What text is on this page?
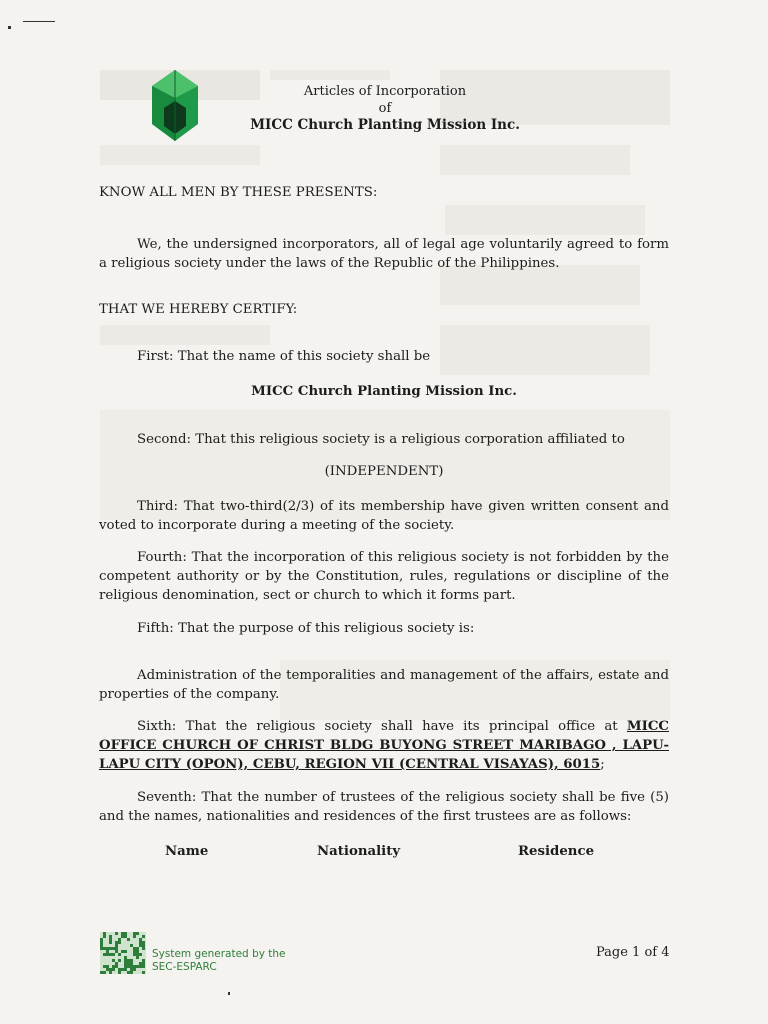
Articles of Incorporation
of
MICC Church Planting Mission Inc.
KNOW ALL MEN BY THESE PRESENTS:
We, the undersigned incorporators, all of legal age voluntarily agreed to form a religious society under the laws of the Republic of the Philippines.
THAT WE HEREBY CERTIFY:
First: That the name of this society shall be
MICC Church Planting Mission Inc.
Second: That this religious society is a religious corporation affiliated to
(INDEPENDENT)
Third: That two-third(2/3) of its membership have given written consent and voted to incorporate during a meeting of the society.
Fourth: That the incorporation of this religious society is not forbidden by the competent authority or by the Constitution, rules, regulations or discipline of the religious denomination, sect or church to which it forms part.
Fifth: That the purpose of this religious society is:
Administration of the temporalities and management of the affairs, estate and properties of the company.
Sixth: That the religious society shall have its principal office at MICC OFFICE CHURCH OF CHRIST BLDG BUYONG STREET MARIBAGO , LAPU-LAPU CITY (OPON), CEBU, REGION VII (CENTRAL VISAYAS), 6015;
Seventh: That the number of trustees of the religious society shall be five (5) and the names, nationalities and residences of the first trustees are as follows:
Name	Nationality	Residence
System generated by the
SEC-ESPARC
Page 1 of 4
